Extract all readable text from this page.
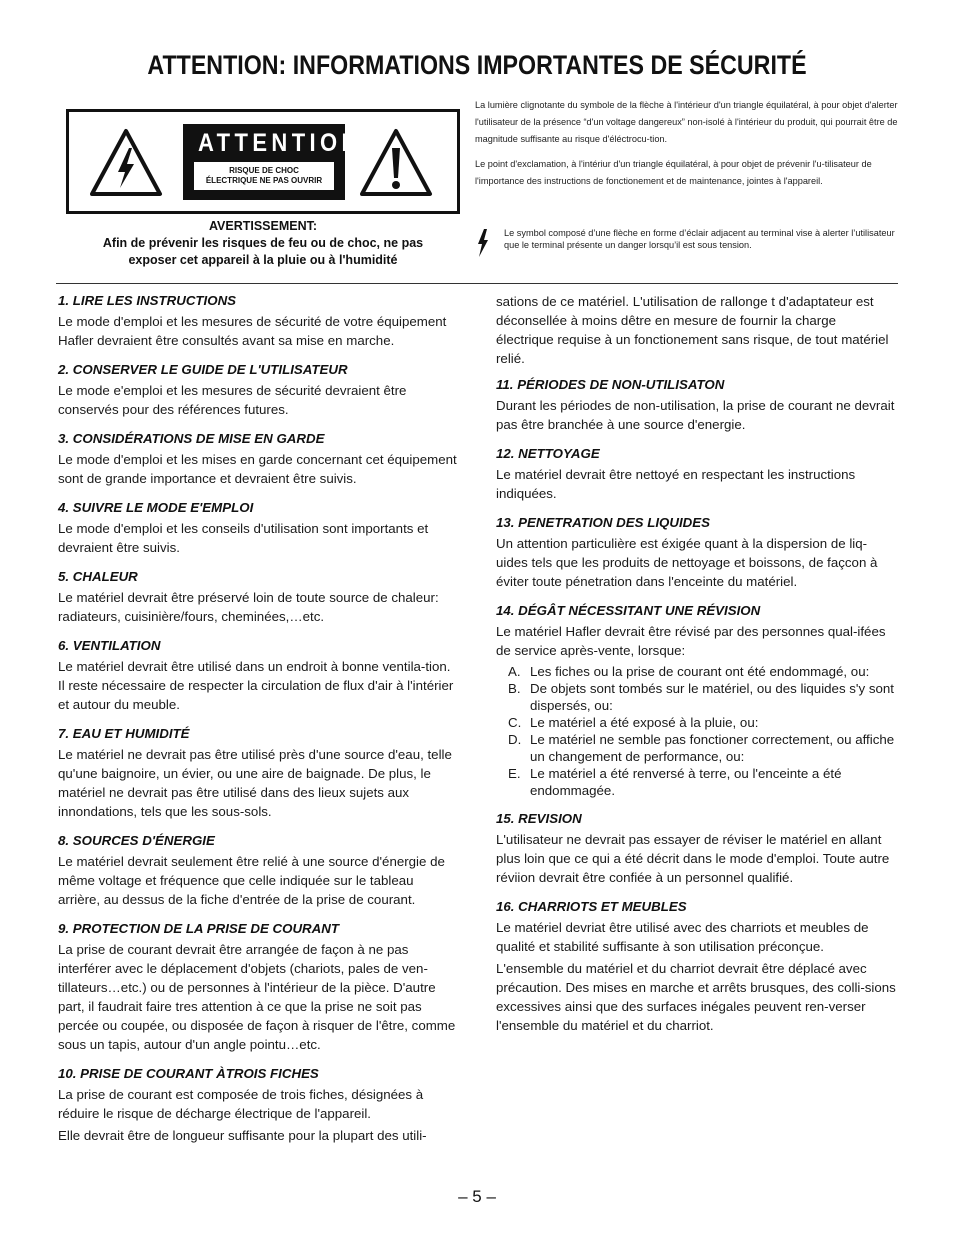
ATTENTION: INFORMATIONS IMPORTANTES DE SÉCURITÉ
ATTENTION
RISQUE DE CHOC
ÉLECTRIQUE NE PAS OUVRIR
AVERTISSEMENT:
Afin de prévenir les risques de feu ou de choc, ne pas
exposer cet appareil à la pluie ou à l'humidité

La lumière clignotante du symbole de la flèche à l'intérieur d'un triangle équilatéral, à pour objet d'alerter l'utilisateur de la présence “d'un voltage dangereux” non-isolé à l'intérieur du produit, qui pourrait être de magnitude suffisante au risque d'éléctrocu-tion.

Le point d'exclamation, à l'intériur d'un triangle équilatéral, à pour objet de prévenir l'u-tilisateur de l'importance des instructions de fonctionement et de maintenance, jointes à l'appareil.

Le symbol composé d’une flèche en forme d’éclair adjacent au terminal vise à alerter l’utilisateur que le terminal présente un danger lorsqu’il est sous tension.
1. LIRE LES INSTRUCTIONS
Le mode d'emploi et les mesures de sécurité de votre équipement Hafler devraient être consultés avant sa mise en marche.
2. CONSERVER LE GUIDE DE L'UTILISATEUR
Le mode e'emploi et les mesures de sécurité devraient être conservés pour des références futures.
3. CONSIDÉRATIONS DE MISE EN GARDE
Le mode d'emploi et les mises en garde concernant cet équipement sont de grande importance et devraient être suivis.
4. SUIVRE LE MODE E'EMPLOI
Le mode d'emploi et les conseils d'utilisation sont importants et devraient être suivis.
5. CHALEUR
Le matériel devrait être préservé loin de toute source de chaleur: radiateurs, cuisinière/fours, cheminées,…etc.
6. VENTILATION
Le matériel devrait être utilisé dans un endroit à bonne ventila-tion. Il reste nécessaire de respecter la circulation de flux d'air à l'intérier et autour du meuble.
7. EAU ET HUMIDITÉ
Le matériel ne devrait pas être utilisé près d'une source d'eau, telle qu'une baignoire, un évier, ou une aire de baignade. De plus, le matériel ne devrait pas être utilisé dans des lieux sujets aux innondations, tels que les sous-sols.
8. SOURCES D'ÉNERGIE
Le matériel devrait seulement être relié à une source d'énergie de même voltage et fréquence que celle indiquée sur le tableau arrière, au dessus de la fiche d'entrée de la prise de courant.
9. PROTECTION DE LA PRISE DE COURANT
La prise de courant devrait être arrangée de façon à ne pas interférer avec le déplacement d'objets (chariots, pales de ven-tillateurs…etc.) ou de personnes à l'intérieur de la pièce. D'autre part, il faudrait faire tres attention à ce que la prise ne soit pas percée ou coupée, ou disposée de façon à risquer de l'être, comme sous un tapis, autour d'un angle pointu…etc.
10. PRISE DE COURANT ÀTROIS FICHES
La prise de courant est composée de trois fiches, désignées à réduire le risque de décharge électrique de l'appareil.
Elle devrait être de longueur suffisante pour la plupart des utili-
sations de ce matériel. L'utilisation de rallonge t d'adaptateur est déconsellée à moins dêtre en mesure de fournir la charge électrique requise à un fonctionement sans risque, de tout matériel relié.
11. PÉRIODES DE NON-UTILISATON
Durant les périodes de non-utilisation, la prise de courant ne devrait pas être branchée à une source d'energie.
12. NETTOYAGE
Le matériel devrait être nettoyé en respectant les instructions indiquées.
13. PENETRATION DES LIQUIDES
Un attention particulière est éxigée quant à la dispersion de liq-uides tels que les produits de nettoyage et boissons, de façcon à éviter toute pénetration dans l'enceinte du matériel.
14. DÉGÂT NÉCESSITANT UNE RÉVISION
Le matériel Hafler devrait être révisé par des personnes qual-ifées de service après-vente, lorsque:
A. Les fiches ou la prise de courant ont été endommagé, ou:
B. De objets sont tombés sur le matériel, ou des liquides s'y sont dispersés, ou:
C. Le matériel a été exposé à la pluie, ou:
D. Le matériel ne semble pas fonctioner correctement, ou affiche un changement de performance, ou:
E. Le matériel a été renversé à terre, ou l'enceinte a été endommagée.
15. REVISION
L'utilisateur ne devrait pas essayer de réviser le matériel en allant plus loin que ce qui a été décrit dans le mode d'emploi. Toute autre réviion devrait être confiée à un personnel qualifié.
16. CHARRIOTS ET MEUBLES
Le matériel devriat être utilisé avec des charriots et meubles de qualité et stabilité suffisante à son utilisation préconçue.
L'ensemble du matériel et du charriot devrait être déplacé avec précaution. Des mises en marche et arrêts brusques, des colli-sions excessives ainsi que des surfaces inégales peuvent ren-verser l'ensemble du matériel et du charriot.
– 5 –
